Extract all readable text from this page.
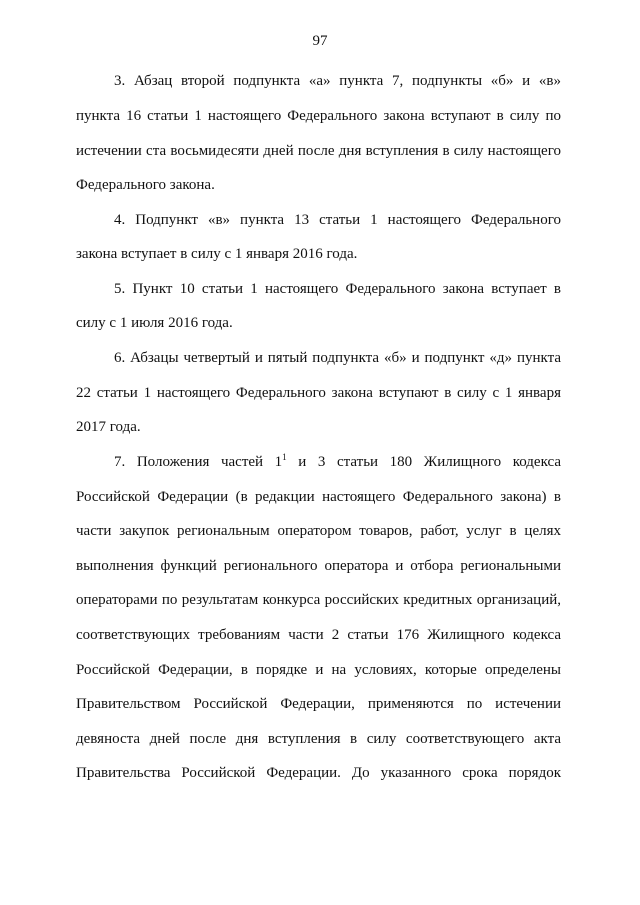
97
3. Абзац второй подпункта «а» пункта 7, подпункты «б» и «в»
пункта 16 статьи 1 настоящего Федерального закона вступают в силу по
истечении ста восьмидесяти дней после дня вступления в силу настоящего
Федерального закона.
4. Подпункт «в» пункта 13 статьи 1 настоящего Федерального
закона вступает в силу с 1 января 2016 года.
5. Пункт 10 статьи 1 настоящего Федерального закона вступает в
силу с 1 июля 2016 года.
6. Абзацы четвертый и пятый подпункта «б» и подпункт «д» пункта
22 статьи 1 настоящего Федерального закона вступают в силу с 1 января
2017 года.
7. Положения частей $1^1$ и 3 статьи 180 Жилищного кодекса
Российской Федерации (в редакции настоящего Федерального закона) в
части закупок региональным оператором товаров, работ, услуг в целях
выполнения функций регионального оператора и отбора региональными
операторами по результатам конкурса российских кредитных организаций,
соответствующих требованиям части 2 статьи 176 Жилищного кодекса
Российской Федерации, в порядке и на условиях, которые определены
Правительством Российской Федерации, применяются по истечении
девяноста дней после дня вступления в силу соответствующего акта
Правительства Российской Федерации. До указанного срока порядок
